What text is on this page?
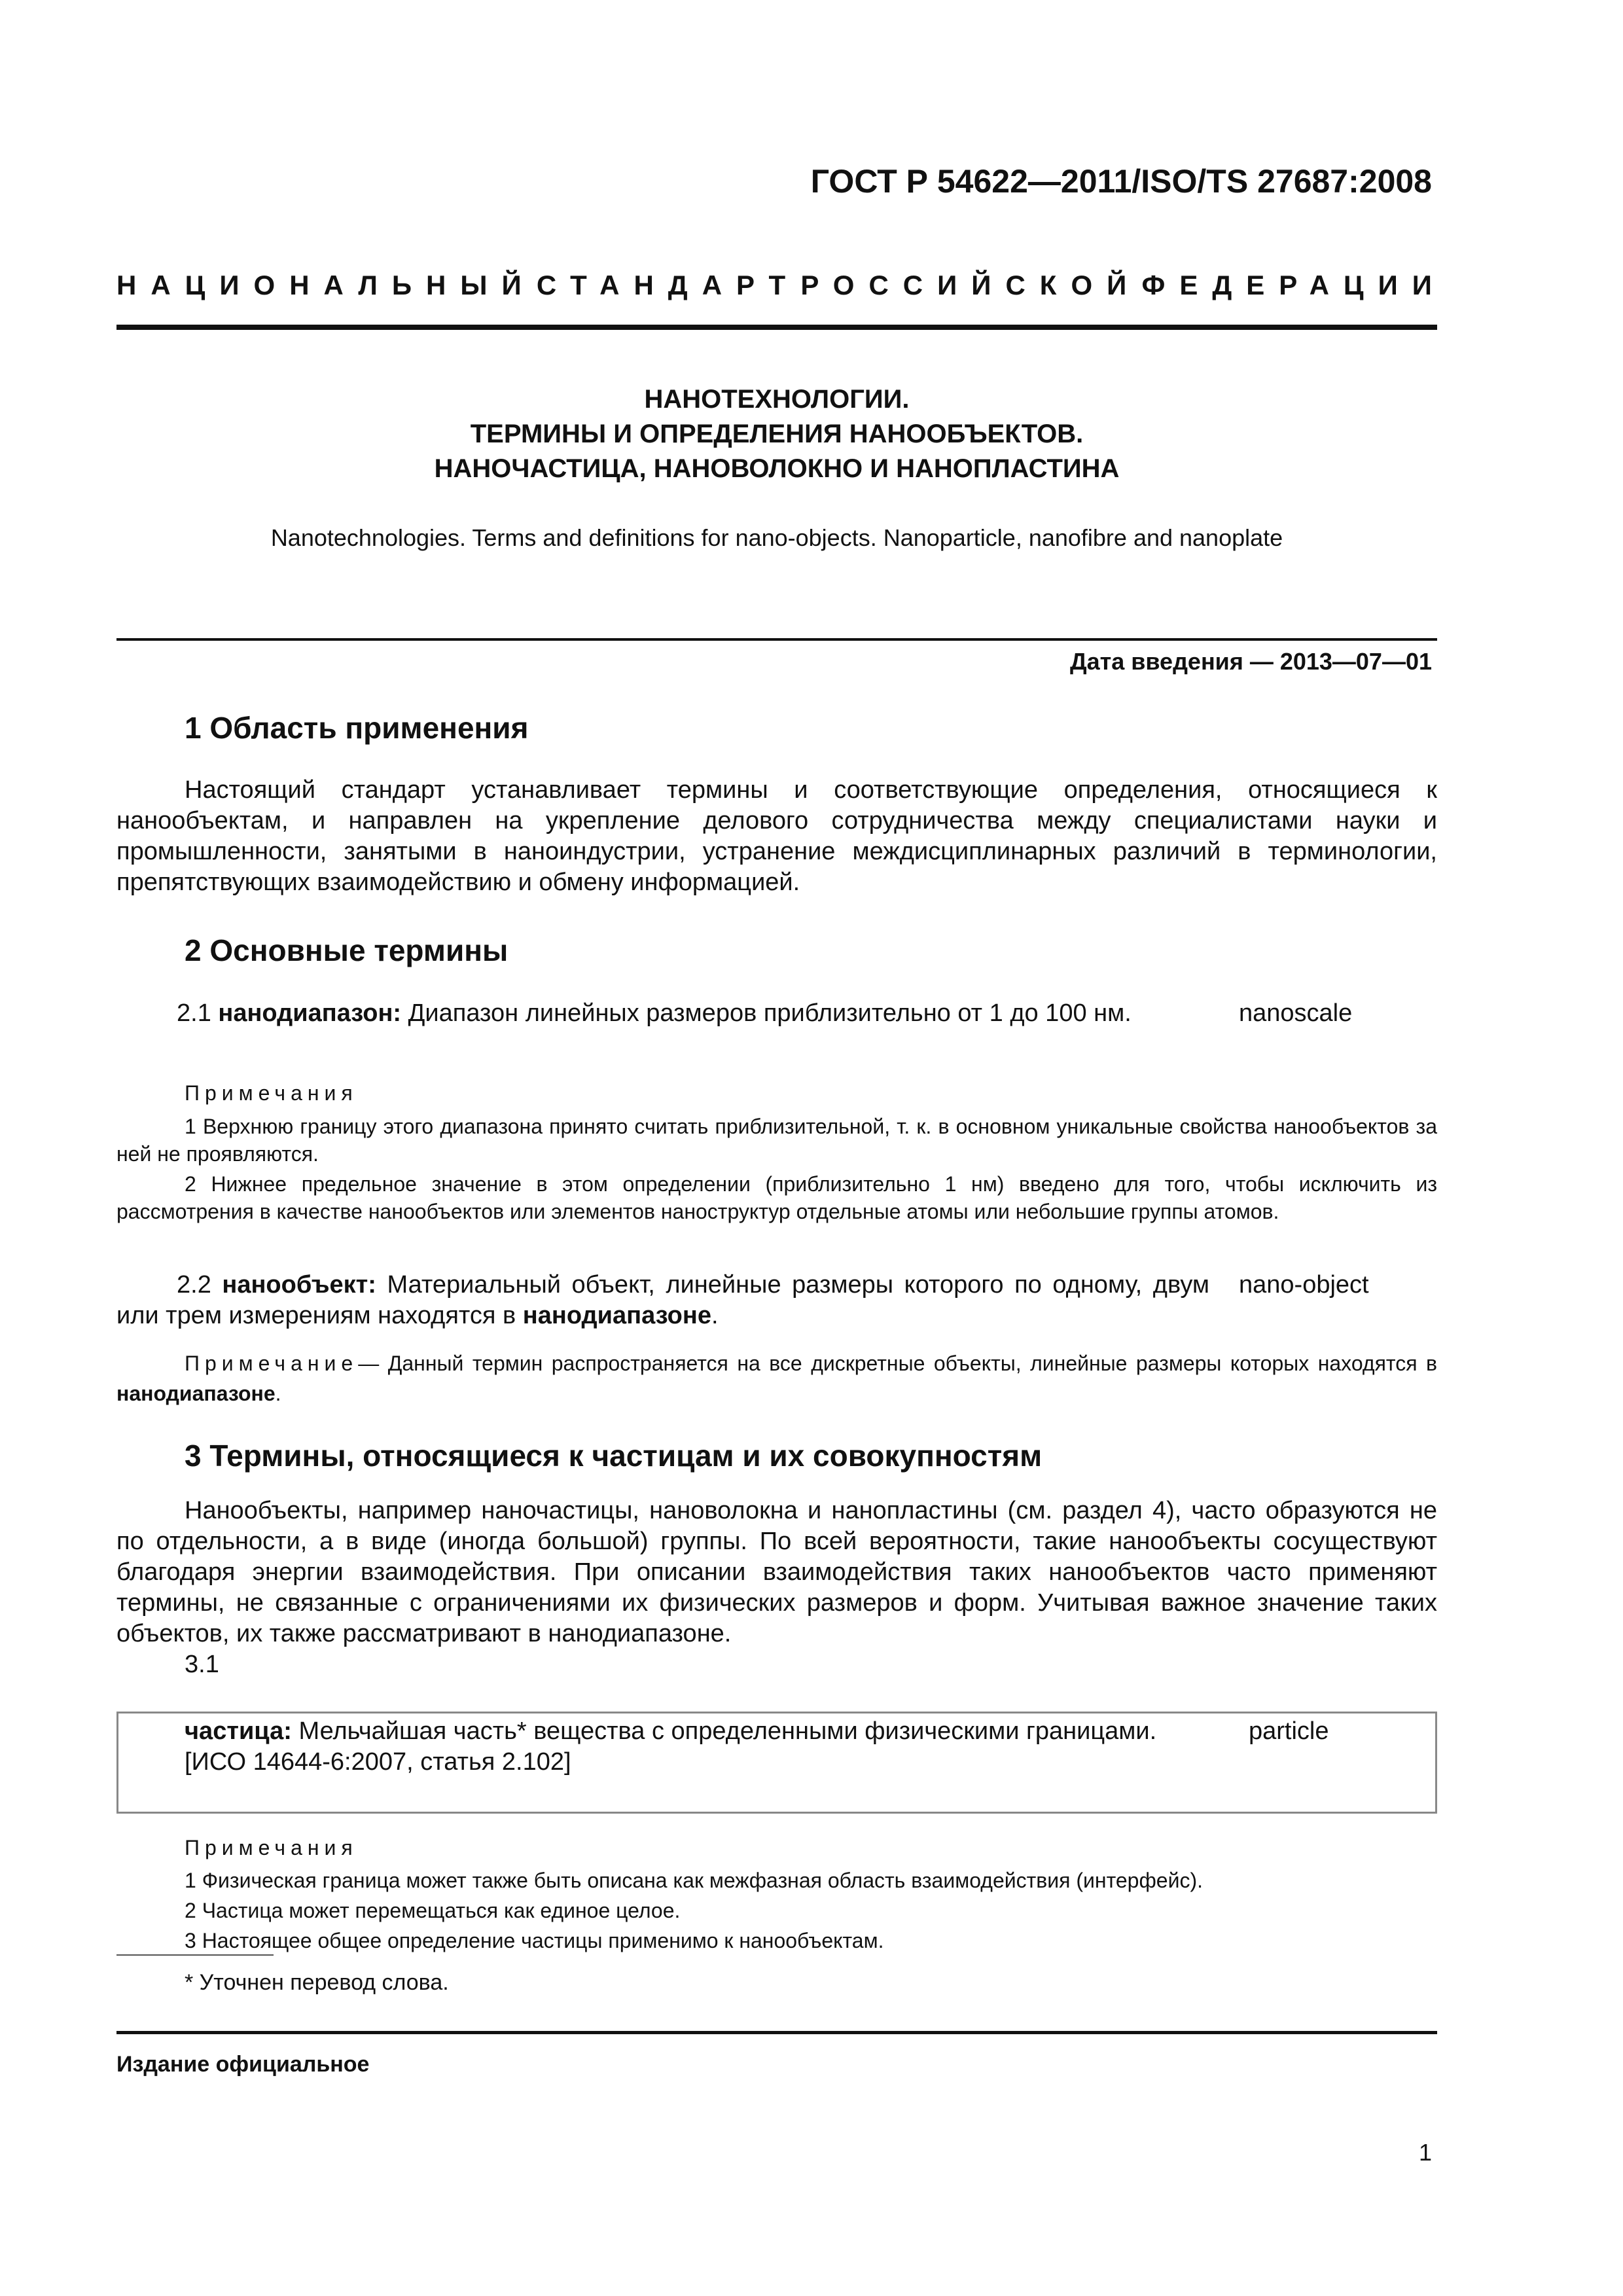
ГОСТ Р 54622—2011/ISO/TS 27687:2008
НАЦИОНАЛЬНЫЙ СТАНДАРТ РОССИЙСКОЙ ФЕДЕРАЦИИ
НАНОТЕХНОЛОГИИ.
ТЕРМИНЫ И ОПРЕДЕЛЕНИЯ НАНООБЪЕКТОВ.
НАНОЧАСТИЦА, НАНОВОЛОКНО И НАНОПЛАСТИНА
Nanotechnologies. Terms and definitions for nano-objects. Nanoparticle, nanofibre and nanoplate
Дата введения — 2013—07—01
1 Область применения
Настоящий стандарт устанавливает термины и соответствующие определения, относящиеся к нанообъектам, и направлен на укрепление делового сотрудничества между специалистами науки и промышленности, занятыми в наноиндустрии, устранение междисциплинарных различий в терминологии, препятствующих взаимодействию и обмену информацией.
2 Основные термины
2.1 нанодиапазон: Диапазон линейных размеров приблизительно от 1 до 100 нм.	nanoscale
Примечания
1 Верхнюю границу этого диапазона принято считать приблизительной, т. к. в основном уникальные свойства нанообъектов за ней не проявляются.
2 Нижнее предельное значение в этом определении (приблизительно 1 нм) введено для того, чтобы исключить из рассмотрения в качестве нанообъектов или элементов наноструктур отдельные атомы или небольшие группы атомов.
2.2 нанообъект: Материальный объект, линейные размеры которого по одному, двум или трем измерениям находятся в нанодиапазоне.
nano-object
Примечание— Данный термин распространяется на все дискретные объекты, линейные размеры которых находятся в нанодиапазоне.
3 Термины, относящиеся к частицам и их совокупностям
Нанообъекты, например наночастицы, нановолокна и нанопластины (см. раздел 4), часто образуются не по отдельности, а в виде (иногда большой) группы. По всей вероятности, такие нанообъекты сосуществуют благодаря энергии взаимодействия. При описании взаимодействия таких нанообъектов часто применяют термины, не связанные с ограничениями их физических размеров и форм. Учитывая важное значение таких объектов, их также рассматривают в нанодиапазоне.
3.1
частица: Мельчайшая часть* вещества с определенными физическими границами.
[ИСО 14644-6:2007, статья 2.102]
particle
Примечания
1 Физическая граница может также быть описана как межфазная область взаимодействия (интерфейс).
2 Частица может перемещаться как единое целое.
3 Настоящее общее определение частицы применимо к нанообъектам.
* Уточнен перевод слова.
Издание официальное
1
